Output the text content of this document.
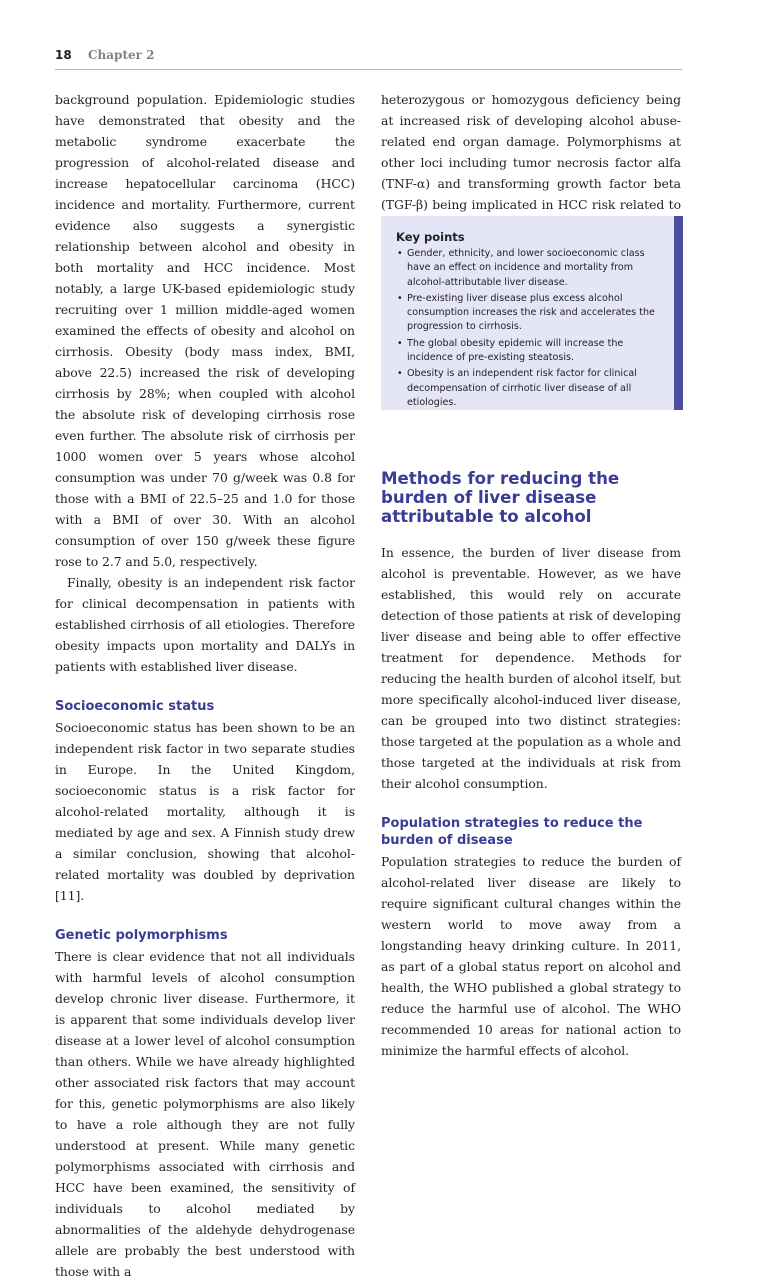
18 Chapter 2

background population. Epidemiologic studies have demonstrated that obesity and the metabolic syndrome exacerbate the progression of alcohol-related disease and increase hepatocellular carcinoma (HCC) incidence and mortality. Furthermore, current evidence also suggests a synergistic relationship between alcohol and obesity in both mortality and HCC incidence. Most notably, a large UK-based epidemiologic study recruiting over 1 million middle-aged women examined the effects of obesity and alcohol on cirrhosis. Obesity (body mass index, BMI, above 22.5) increased the risk of developing cirrhosis by 28%; when coupled with alcohol the absolute risk of developing cirrhosis rose even further. The absolute risk of cirrhosis per 1000 women over 5 years whose alcohol consumption was under 70 g/week was 0.8 for those with a BMI of 22.5–25 and 1.0 for those with a BMI of over 30. With an alcohol consumption of over 150 g/week these figure rose to 2.7 and 5.0, respectively.

Finally, obesity is an independent risk factor for clinical decompensation in patients with established cirrhosis of all etiologies. Therefore obesity impacts upon mortality and DALYs in patients with established liver disease.

Socioeconomic status

Socioeconomic status has been shown to be an independent risk factor in two separate studies in Europe. In the United Kingdom, socioeconomic status is a risk factor for alcohol-related mortality, although it is mediated by age and sex. A Finnish study drew a similar conclusion, showing that alcohol-related mortality was doubled by deprivation [11].

Genetic polymorphisms

There is clear evidence that not all individuals with harmful levels of alcohol consumption develop chronic liver disease. Furthermore, it is apparent that some individuals develop liver disease at a lower level of alcohol consumption than others. While we have already highlighted other associated risk factors that may account for this, genetic polymorphisms are also likely to have a role although they are not fully understood at present. While many genetic polymorphisms associated with cirrhosis and HCC have been examined, the sensitivity of individuals to alcohol mediated by abnormalities of the aldehyde dehydrogenase allele are probably the best understood with those with a

heterozygous or homozygous deficiency being at increased risk of developing alcohol abuse-related end organ damage. Polymorphisms at other loci including tumor necrosis factor alfa (TNF-α) and transforming growth factor beta (TGF-β) being implicated in HCC risk related to

Key points
• Gender, ethnicity, and lower socioeconomic class have an effect on incidence and mortality from alcohol-attributable liver disease.
• Pre-existing liver disease plus excess alcohol consumption increases the risk and accelerates the progression to cirrhosis.
• The global obesity epidemic will increase the incidence of pre-existing steatosis.
• Obesity is an independent risk factor for clinical decompensation of cirrhotic liver disease of all etiologies.
Methods for reducing the burden of liver disease attributable to alcohol

In essence, the burden of liver disease from alcohol is preventable. However, as we have established, this would rely on accurate detection of those patients at risk of developing liver disease and being able to offer effective treatment for dependence. Methods for reducing the health burden of alcohol itself, but more specifically alcohol-induced liver disease, can be grouped into two distinct strategies: those targeted at the population as a whole and those targeted at the individuals at risk from their alcohol consumption.

Population strategies to reduce the burden of disease

Population strategies to reduce the burden of alcohol-related liver disease are likely to require significant cultural changes within the western world to move away from a longstanding heavy drinking culture. In 2011, as part of a global status report on alcohol and health, the WHO published a global strategy to reduce the harmful use of alcohol. The WHO recommended 10 areas for national action to minimize the harmful effects of alcohol.
